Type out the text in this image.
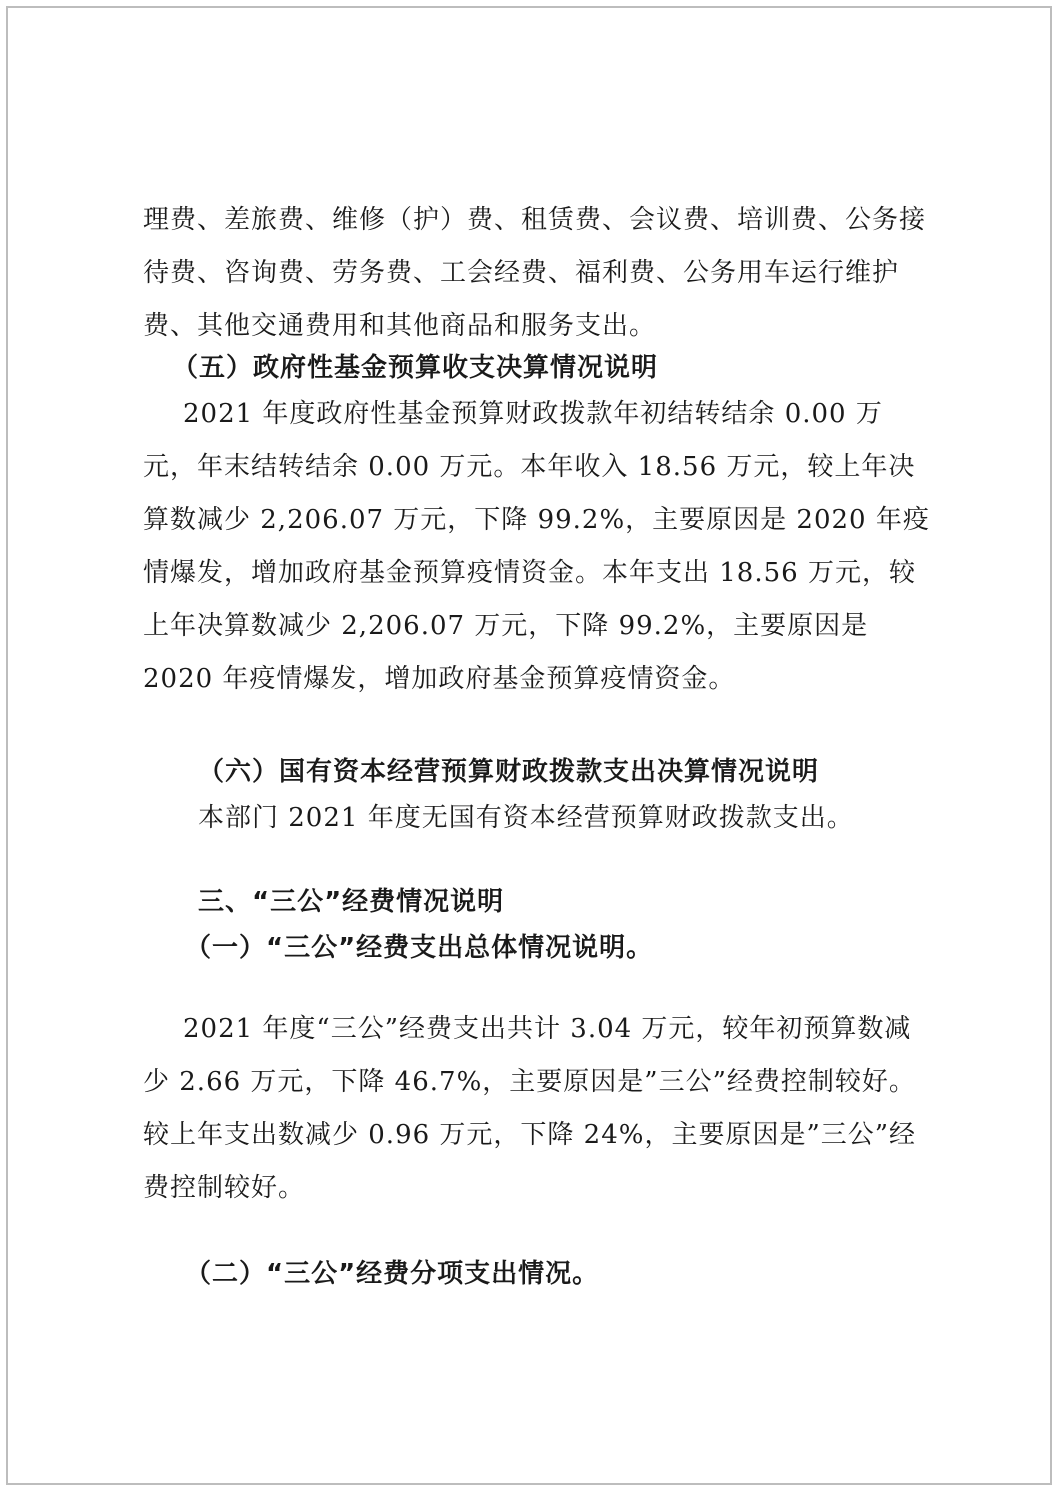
理费、差旅费、维修（护）费、租赁费、会议费、培训费、公务接待费、咨询费、劳务费、工会经费、福利费、公务用车运行维护费、其他交通费用和其他商品和服务支出。

（五）政府性基金预算收支决算情况说明

2021 年度政府性基金预算财政拨款年初结转结余 0.00 万元，年末结转结余 0.00 万元。本年收入 18.56 万元，较上年决算数减少 2,206.07 万元，下降 99.2%，主要原因是 2020 年疫情爆发，增加政府基金预算疫情资金。本年支出 18.56 万元，较上年决算数减少 2,206.07 万元，下降 99.2%，主要原因是 2020 年疫情爆发，增加政府基金预算疫情资金。

（六）国有资本经营预算财政拨款支出决算情况说明

本部门 2021 年度无国有资本经营预算财政拨款支出。

三、“三公”经费情况说明

（一）“三公”经费支出总体情况说明。

2021 年度“三公”经费支出共计 3.04 万元，较年初预算数减少 2.66 万元，下降 46.7%，主要原因是”三公”经费控制较好。较上年支出数减少 0.96 万元，下降 24%，主要原因是”三公”经费控制较好。

（二）“三公”经费分项支出情况。
